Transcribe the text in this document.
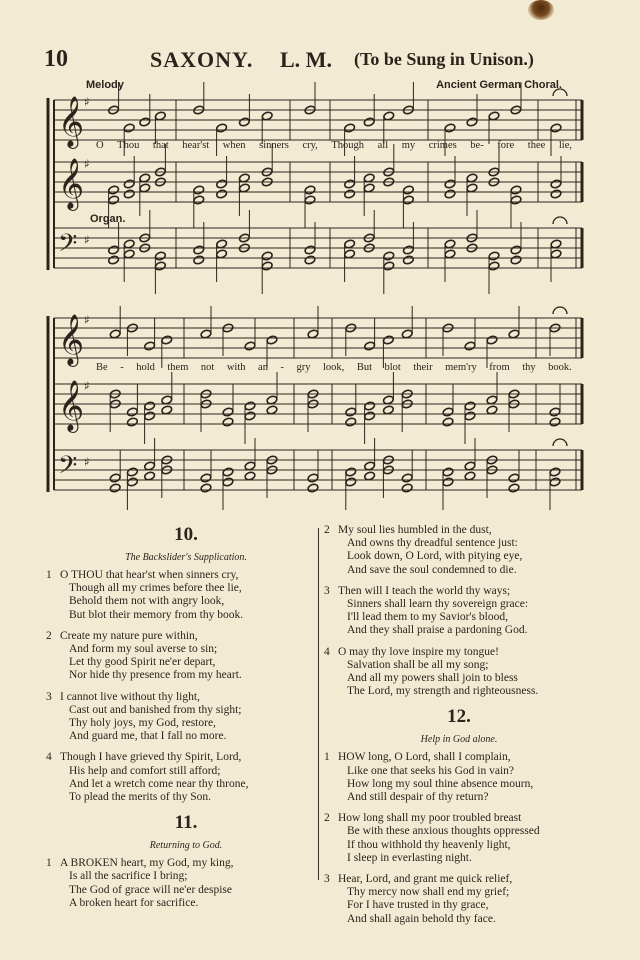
10	SAXONY. L. M. (To be Sung in Unison.)
Melody	Ancient German Choral.
Organ.
𝄞 ♯
𝄞 ♯
𝄢 ♯
𝄞 ♯
𝄞 ♯
𝄢 ♯
O Thou that hear'st when sinners cry, Though all my crimes be- fore thee lie,
Be - hold them not with an - gry look, But blot their mem'ry from thy book.
10.
The Backslider's Supplication.
1 O THOU that hear'st when sinners cry,
Though all my crimes before thee lie,
Behold them not with angry look,
But blot their memory from thy book.
2 Create my nature pure within,
And form my soul averse to sin;
Let thy good Spirit ne'er depart,
Nor hide thy presence from my heart.
3 I cannot live without thy light,
Cast out and banished from thy sight;
Thy holy joys, my God, restore,
And guard me, that I fall no more.
4 Though I have grieved thy Spirit, Lord,
His help and comfort still afford;
And let a wretch come near thy throne,
To plead the merits of thy Son.
11.
Returning to God.
1 A BROKEN heart, my God, my king,
Is all the sacrifice I bring;
The God of grace will ne'er despise
A broken heart for sacrifice.
2 My soul lies humbled in the dust,
And owns thy dreadful sentence just:
Look down, O Lord, with pitying eye,
And save the soul condemned to die.
3 Then will I teach the world thy ways;
Sinners shall learn thy sovereign grace:
I'll lead them to my Savior's blood,
And they shall praise a pardoning God.
4 O may thy love inspire my tongue!
Salvation shall be all my song;
And all my powers shall join to bless
The Lord, my strength and righteousness.
12.
Help in God alone.
1 HOW long, O Lord, shall I complain,
Like one that seeks his God in vain?
How long my soul thine absence mourn,
And still despair of thy return?
2 How long shall my poor troubled breast
Be with these anxious thoughts oppressed
If thou withhold thy heavenly light,
I sleep in everlasting night.
3 Hear, Lord, and grant me quick relief,
Thy mercy now shall end my grief;
For I have trusted in thy grace,
And shall again behold thy face.
